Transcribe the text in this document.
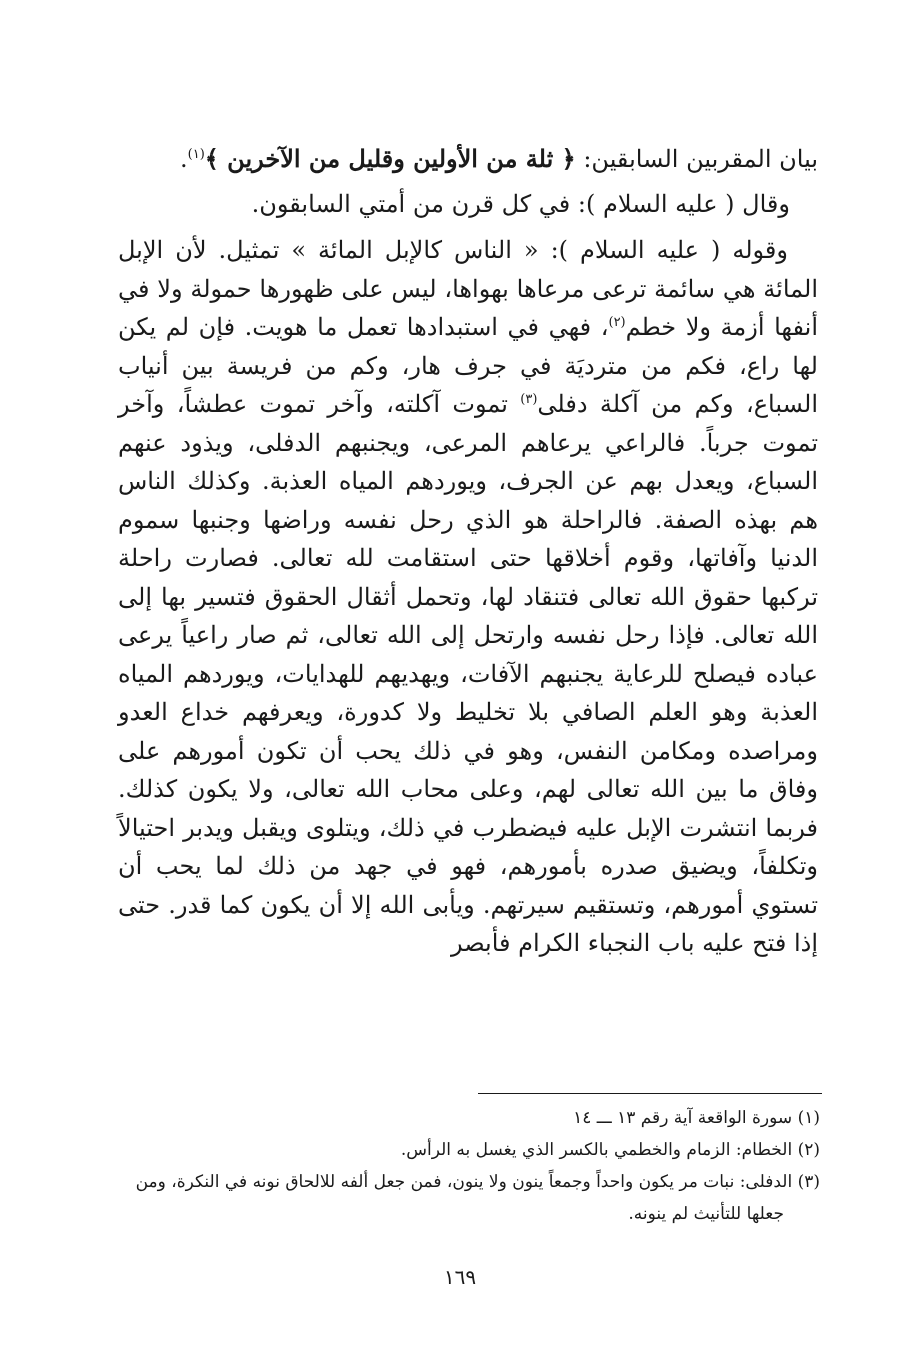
بيان المقربين السابقين: ﴿ ثلة من الأولين وقليل من الآخرين ﴾$^{(١)}$.

وقال ( عليه السلام ): في كل قرن من أمتي السابقون.

وقوله ( عليه السلام ): « الناس كالإبل المائة » تمثيل. لأن الإبل المائة هي سائمة ترعى مرعاها بهواها، ليس على ظهورها حمولة ولا في أنفها أزمة ولا خطم$^{(٢)}$، فهي في استبدادها تعمل ما هويت. فإن لم يكن لها راع، فكم من مترديَة في جرف هار، وكم من فريسة بين أنياب السباع، وكم من آكلة دفلى$^{(٣)}$ تموت آكلته، وآخر تموت عطشاً، وآخر تموت جرباً. فالراعي يرعاهم المرعى، ويجنبهم الدفلى، ويذود عنهم السباع، ويعدل بهم عن الجرف، ويوردهم المياه العذبة. وكذلك الناس هم بهذه الصفة. فالراحلة هو الذي رحل نفسه وراضها وجنبها سموم الدنيا وآفاتها، وقوم أخلاقها حتى استقامت لله تعالى. فصارت راحلة تركبها حقوق الله تعالى فتنقاد لها، وتحمل أثقال الحقوق فتسير بها إلى الله تعالى. فإذا رحل نفسه وارتحل إلى الله تعالى، ثم صار راعياً يرعى عباده فيصلح للرعاية يجنبهم الآفات، ويهديهم للهدايات، ويوردهم المياه العذبة وهو العلم الصافي بلا تخليط ولا كدورة، ويعرفهم خداع العدو ومراصده ومكامن النفس، وهو في ذلك يحب أن تكون أمورهم على وفاق ما بين الله تعالى لهم، وعلى محاب الله تعالى، ولا يكون كذلك. فربما انتشرت الإبل عليه فيضطرب في ذلك، ويتلوى ويقبل ويدبر احتيالاً وتكلفاً، ويضيق صدره بأمورهم، فهو في جهد من ذلك لما يحب أن تستوي أمورهم، وتستقيم سيرتهم. ويأبى الله إلا أن يكون كما قدر. حتى إذا فتح عليه باب النجباء الكرام فأبصر

(١) سورة الواقعة آية رقم ١٣ ـــ ١٤

(٢) الخطام: الزمام والخطمي بالكسر الذي يغسل به الرأس.

(٣) الدفلى: نبات مر يكون واحداً وجمعاً ينون ولا ينون، فمن جعل ألفه للالحاق نونه في النكرة، ومن جعلها للتأنيث لم ينونه.

١٦٩
